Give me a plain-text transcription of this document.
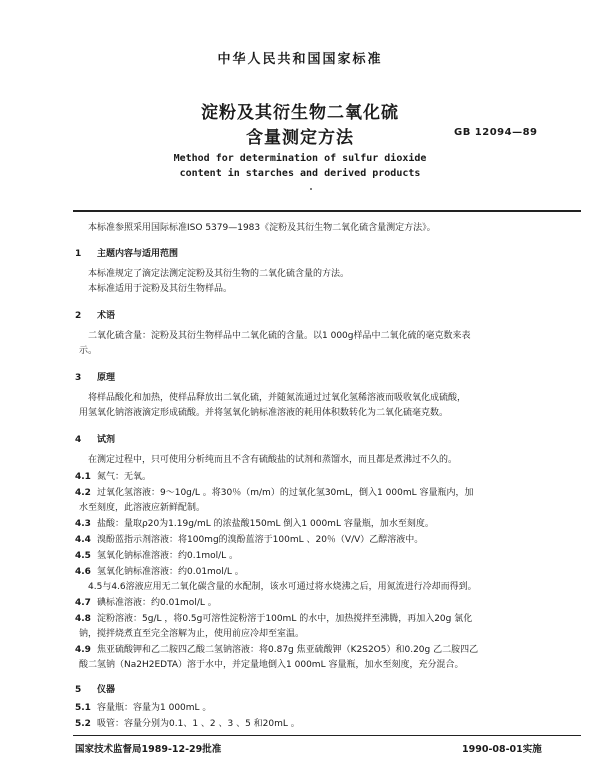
中华人民共和国国家标准
淀粉及其衍生物二氧化硫
含量测定方法	GB 12094—89
Method for determination of sulfur dioxide
content in starches and derived products
本标准参照采用国际标准ISO 5379—1983《淀粉及其衍生物二氧化硫含量测定方法》。
1 主题内容与适用范围
本标准规定了滴定法测定淀粉及其衍生物的二氧化硫含量的方法。
本标准适用于淀粉及其衍生物样品。
2 术语
二氧化硫含量：淀粉及其衍生物样品中二氧化硫的含量。以1 000g样品中二氧化硫的毫克数来表
示。
3 原理
将样品酸化和加热，使样品释放出二氧化硫，并随氮流通过过氧化氢稀溶液而吸收氧化成硫酸，
用氢氧化钠溶液滴定形成硫酸。并将氢氧化钠标准溶液的耗用体积数转化为二氧化硫毫克数。
4 试剂
在测定过程中，只可使用分析纯而且不含有硫酸盐的试剂和蒸馏水，而且都是煮沸过不久的。
4.1 氮气：无氧。
4.2 过氧化氢溶液：9～10g/L 。将30％（m/m）的过氧化氢30mL，倒入1 000mL 容量瓶内，加
水至刻度，此溶液应新鲜配制。
4.3 盐酸：量取ρ20为1.19g/mL 的浓盐酸150mL 倒入1 000mL 容量瓶，加水至刻度。
4.4 溴酚蓝指示剂溶液：将100mg的溴酚蓝溶于100mL 、20％（V/V）乙醇溶液中。
4.5 氢氧化钠标准溶液：约0.1mol/L 。
4.6 氢氧化钠标准溶液：约0.01mol/L 。
4.5与4.6溶液应用无二氧化碳含量的水配制，该水可通过将水烧沸之后，用氮流进行冷却而得到。
4.7 碘标准溶液：约0.01mol/L 。
4.8 淀粉溶液：5g/L ，将0.5g可溶性淀粉溶于100mL 的水中，加热搅拌至沸腾，再加入20g 氯化
钠，搅拌烧煮直至完全溶解为止，使用前应冷却至室温。
4.9 焦亚硫酸钾和乙二胺四乙酸二氢钠溶液：将0.87g 焦亚硫酸钾（K2S2O5）和0.20g 乙二胺四乙
酸二氢钠（Na2H2EDTA）溶于水中，并定量地倒入1 000mL 容量瓶，加水至刻度，充分混合。
5 仪器
5.1 容量瓶：容量为1 000mL 。
5.2 吸管：容量分别为0.1、1 、2 、3 、5 和20mL 。
国家技术监督局1989-12-29批准	1990-08-01实施
